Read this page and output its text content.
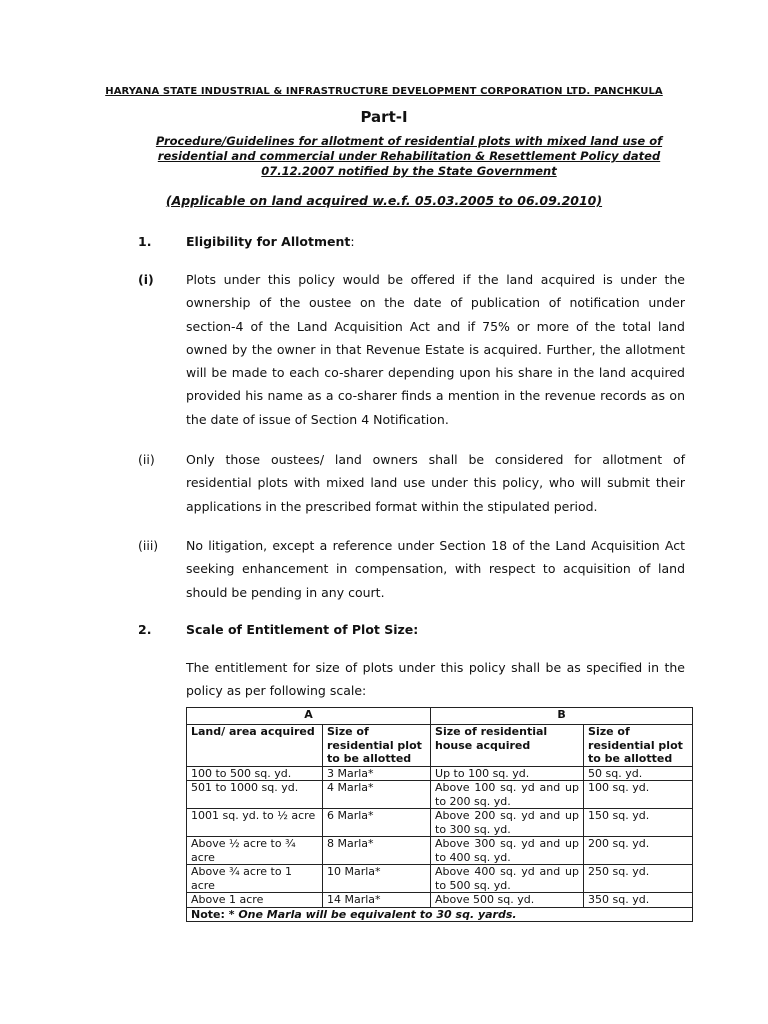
HARYANA STATE INDUSTRIAL & INFRASTRUCTURE DEVELOPMENT CORPORATION LTD. PANCHKULA
Part-I
Procedure/Guidelines for allotment of residential plots with mixed land use of
residential and commercial under Rehabilitation & Resettlement Policy dated
07.12.2007 notified by the State Government
(Applicable on land acquired w.e.f. 05.03.2005 to 06.09.2010)
1.	Eligibility for Allotment:
(i)	Plots under this policy would be offered if the land acquired is under the ownership of the oustee on the date of publication of notification under section-4 of the Land Acquisition Act and if 75% or more of the total land owned by the owner in that Revenue Estate is acquired. Further, the allotment will be made to each co-sharer depending upon his share in the land acquired provided his name as a co-sharer finds a mention in the revenue records as on the date of issue of Section 4 Notification.
(ii)	Only those oustees/ land owners shall be considered for allotment of residential plots with mixed land use under this policy, who will submit their applications in the prescribed format within the stipulated period.
(iii) No litigation, except a reference under Section 18 of the Land Acquisition Act seeking enhancement in compensation, with respect to acquisition of land should be pending in any court.
2.	Scale of Entitlement of Plot Size:
The entitlement for size of plots under this policy shall be as specified in the policy as per following scale:
A		B	
Land/ area acquired	Size of residential plot to be allotted	Size of residential house acquired	Size of residential plot to be allotted
100 to 500 sq. yd.	3 Marla*	Up to 100 sq. yd.	50 sq. yd.
501 to 1000 sq. yd.	4 Marla*	Above 100 sq. yd and up to 200 sq. yd.	100 sq. yd.
1001 sq. yd. to ½ acre	6 Marla*	Above 200 sq. yd and up to 300 sq. yd.	150 sq. yd.
Above ½ acre to ¾ acre	8 Marla*	Above 300 sq. yd and up to 400 sq. yd.	200 sq. yd.
Above ¾ acre to 1 acre	10 Marla*	Above 400 sq. yd and up to 500 sq. yd.	250 sq. yd.
Above 1 acre	14 Marla*	Above 500 sq. yd.	350 sq. yd.
Note: * One Marla will be equivalent to 30 sq. yards.			
